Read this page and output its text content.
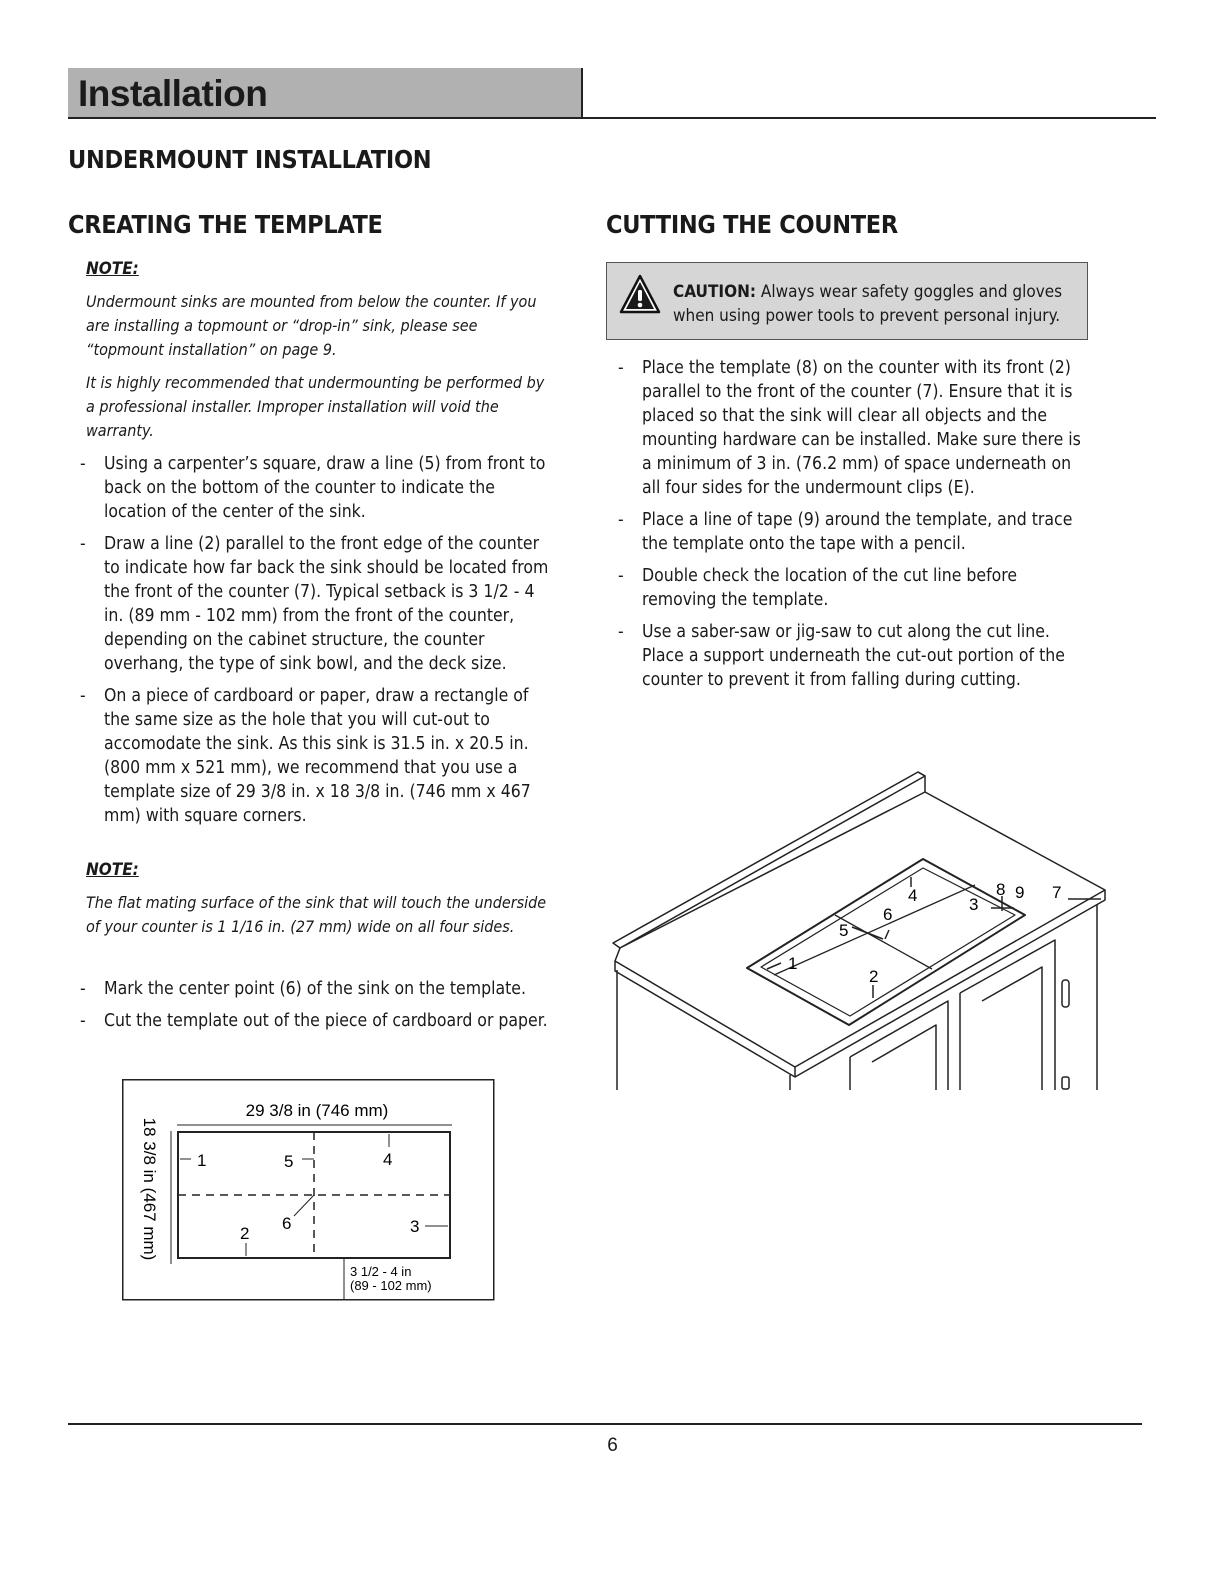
Installation
UNDERMOUNT INSTALLATION
CREATING THE TEMPLATE
NOTE:
Undermount sinks are mounted from below the counter. If you are installing a topmount or “drop-in” sink, please see “topmount installation” on page 9.
It is highly recommended that undermounting be performed by a professional installer. Improper installation will void the warranty.
- Using a carpenter’s square, draw a line (5) from front to back on the bottom of the counter to indicate the location of the center of the sink.
- Draw a line (2) parallel to the front edge of the counter to indicate how far back the sink should be located from the front of the counter (7). Typical setback is 3 1/2 - 4 in. (89 mm - 102 mm) from the front of the counter, depending on the cabinet structure, the counter overhang, the type of sink bowl, and the deck size.
- On a piece of cardboard or paper, draw a rectangle of the same size as the hole that you will cut-out to accomodate the sink. As this sink is 31.5 in. x 20.5 in. (800 mm x 521 mm), we recommend that you use a template size of 29 3/8 in. x 18 3/8 in. (746 mm x 467 mm) with square corners.
NOTE:
The flat mating surface of the sink that will touch the underside of your counter is 1 1/16 in. (27 mm) wide on all four sides.
- Mark the center point (6) of the sink on the template.
- Cut the template out of the piece of cardboard or paper.
29 3/8 in (746 mm)
18 3/8 in (467 mm)
3 1/2 - 4 in
(89 - 102 mm)
1	5	4
6
2	3
CUTTING THE COUNTER
CAUTION: Always wear safety goggles and gloves when using power tools to prevent personal injury.
- Place the template (8) on the counter with its front (2) parallel to the front of the counter (7). Ensure that it is placed so that the sink will clear all objects and the mounting hardware can be installed. Make sure there is a minimum of 3 in. (76.2 mm) of space underneath on all four sides for the undermount clips (E).
- Place a line of tape (9) around the template, and trace the template onto the tape with a pencil.
- Double check the location of the cut line before removing the template.
- Use a saber-saw or jig-saw to cut along the cut line. Place a support underneath the cut-out portion of the counter to prevent it from falling during cutting.
1
2
3
4
5
6
7
8 9
6
